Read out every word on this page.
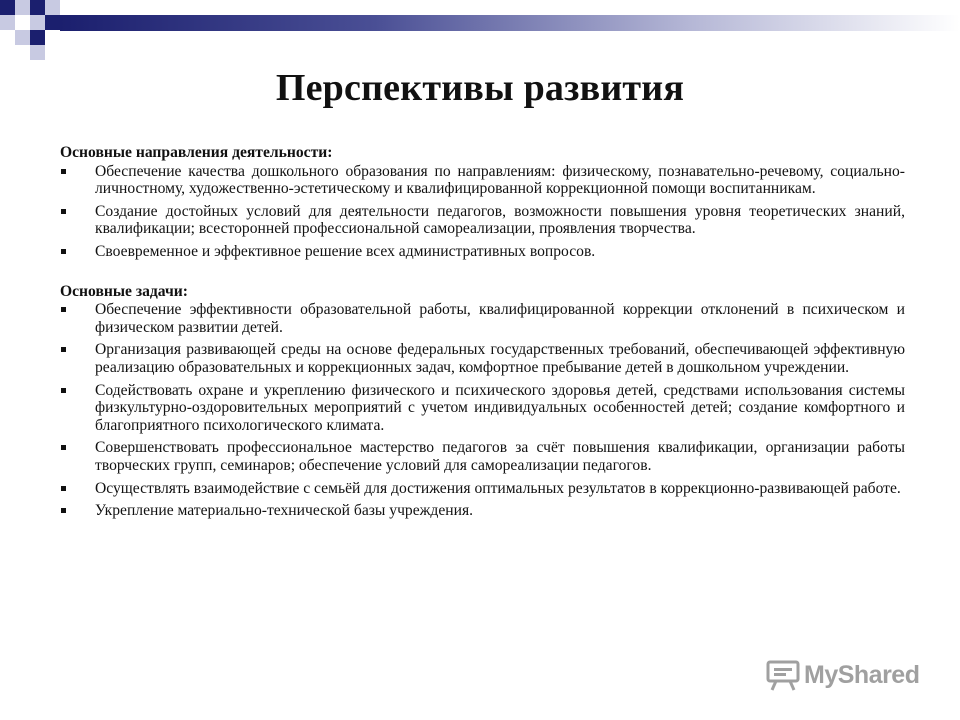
Перспективы развития
Основные направления деятельности:
Обеспечение качества дошкольного образования по направлениям: физическому, познавательно-речевому, социально-личностному, художественно-эстетическому и квалифицированной коррекционной помощи воспитанникам.
Создание достойных условий для деятельности педагогов, возможности повышения уровня теоретических знаний, квалификации; всесторонней профессиональной самореализации, проявления творчества.
Своевременное и эффективное решение всех административных вопросов.
Основные задачи:
Обеспечение эффективности образовательной работы, квалифицированной коррекции отклонений в психическом и физическом развитии детей.
Организация развивающей среды на основе федеральных государственных требований, обеспечивающей эффективную реализацию образовательных и коррекционных задач, комфортное пребывание детей в дошкольном учреждении.
Содействовать охране и укреплению физического и психического здоровья детей, средствами использования системы физкультурно-оздоровительных мероприятий с учетом индивидуальных особенностей детей; создание комфортного и благоприятного психологического климата.
Совершенствовать профессиональное мастерство педагогов за счёт повышения квалификации, организации работы творческих групп, семинаров; обеспечение условий для самореализации педагогов.
Осуществлять взаимодействие с семьёй для достижения оптимальных результатов в коррекционно-развивающей работе.
Укрепление материально-технической базы учреждения.
MyShared
